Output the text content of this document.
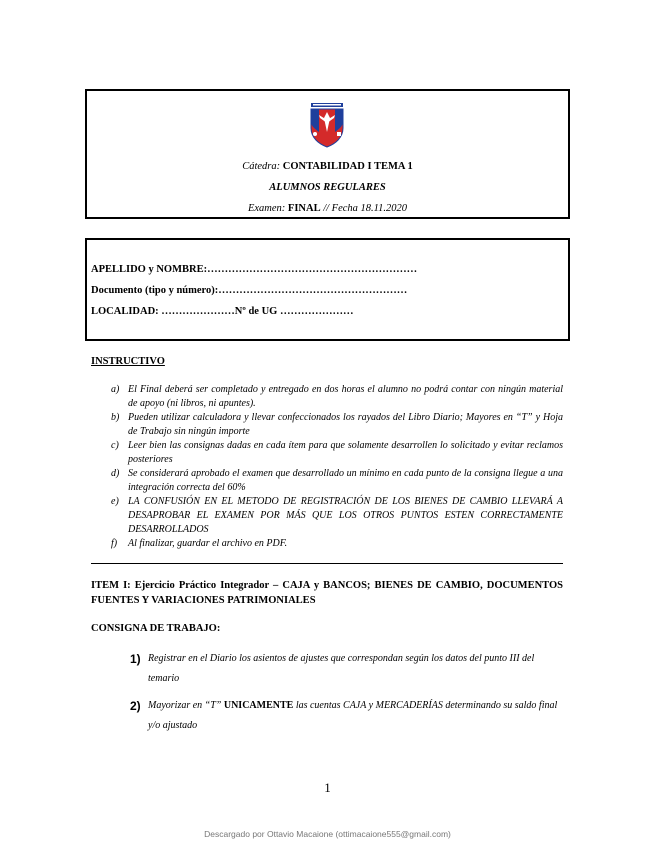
Cátedra: CONTABILIDAD I TEMA 1
ALUMNOS REGULARES
Examen: FINAL // Fecha 18.11.2020
APELLIDO y NOMBRE:……………………………………………………
Documento (tipo y número):………………………………………………
LOCALIDAD: …………………Nº de UG …………………
INSTRUCTIVO
a) El Final deberá ser completado y entregado en dos horas el alumno no podrá contar con ningún material de apoyo (ni libros, ni apuntes).
b) Pueden utilizar calculadora y llevar confeccionados los rayados del Libro Diario; Mayores en “T” y Hoja de Trabajo sin ningún importe
c) Leer bien las consignas dadas en cada ítem para que solamente desarrollen lo solicitado y evitar reclamos posteriores
d) Se considerará aprobado el examen que desarrollado un mínimo en cada punto de la consigna llegue a una integración correcta del 60%
e) LA CONFUSIÓN EN EL METODO DE REGISTRACIÓN DE LOS BIENES DE CAMBIO LLEVARÁ A DESAPROBAR EL EXAMEN POR MÁS QUE LOS OTROS PUNTOS ESTEN CORRECTAMENTE DESARROLLADOS
f) Al finalizar, guardar el archivo en PDF.
ITEM I: Ejercicio Práctico Integrador – CAJA y BANCOS; BIENES DE CAMBIO, DOCUMENTOS FUENTES Y VARIACIONES PATRIMONIALES
CONSIGNA DE TRABAJO:
1) Registrar en el Diario los asientos de ajustes que correspondan según los datos del punto III del temario
2) Mayorizar en “T” UNICAMENTE las cuentas CAJA y MERCADERÍAS determinando su saldo final y/o ajustado
1
Descargado por Ottavio Macaione (ottimacaione555@gmail.com)
